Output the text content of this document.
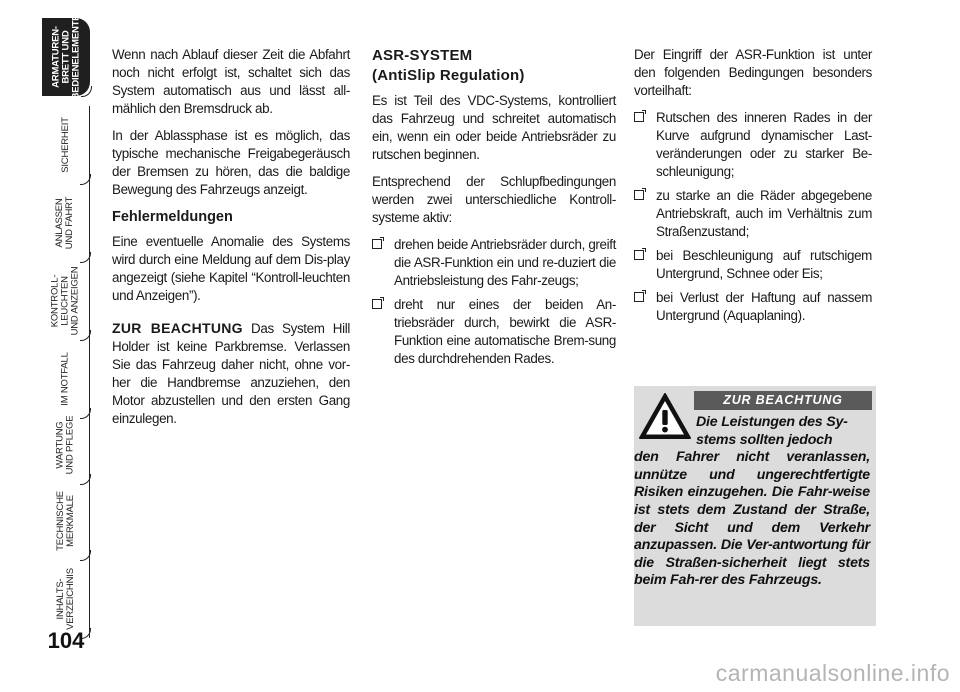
ARMATUREN-
BRETT UND
BEDIENELEMENTE
SICHERHEIT
ANLASSEN
UND FAHRT
KONTROLL-
LEUCHTEN
UND ANZEIGEN
IM NOTFALL
WARTUNG
UND PFLEGE
TECHNISCHE
MERKMALE
INHALTS-
VERZEICHNIS
104

Wenn nach Ablauf dieser Zeit die Abfahrt noch nicht erfolgt ist, schaltet sich das System automatisch aus und lässt all-mählich den Bremsdruck ab.

In der Ablassphase ist es möglich, das typische mechanische Freigabegeräusch der Bremsen zu hören, das die baldige Bewegung des Fahrzeugs anzeigt.

Fehlermeldungen

Eine eventuelle Anomalie des Systems wird durch eine Meldung auf dem Dis-play angezeigt (siehe Kapitel “Kontroll-leuchten und Anzeigen”).

ZUR BEACHTUNG Das System Hill Holder ist keine Parkbremse. Verlassen Sie das Fahrzeug daher nicht, ohne vor-her die Handbremse anzuziehen, den Motor abzustellen und den ersten Gang einzulegen.

ASR-SYSTEM
(AntiSlip Regulation)

Es ist Teil des VDC-Systems, kontrolliert das Fahrzeug und schreitet automatisch ein, wenn ein oder beide Antriebsräder zu rutschen beginnen.

Entsprechend der Schlupfbedingungen werden zwei unterschiedliche Kontroll-systeme aktiv:

drehen beide Antriebsräder durch, greift die ASR-Funktion ein und re-duziert die Antriebsleistung des Fahr-zeugs;
dreht nur eines der beiden An-triebsräder durch, bewirkt die ASR-Funktion eine automatische Brem-sung des durchdrehenden Rades.

Der Eingriff der ASR-Funktion ist unter den folgenden Bedingungen besonders vorteilhaft:

Rutschen des inneren Rades in der Kurve aufgrund dynamischer Last-veränderungen oder zu starker Be-schleunigung;
zu starke an die Räder abgegebene Antriebskraft, auch im Verhältnis zum Straßenzustand;
bei Beschleunigung auf rutschigem Untergrund, Schnee oder Eis;
bei Verlust der Haftung auf nassem Untergrund (Aquaplaning).
ZUR BEACHTUNG
Die Leistungen des Sy-
stems sollten jedoch
den Fahrer nicht veranlassen, unnütze und ungerechtfertigte Risiken einzugehen. Die Fahr-weise ist stets dem Zustand der Straße, der Sicht und dem Verkehr anzupassen. Die Ver-antwortung für die Straßen-sicherheit liegt stets beim Fah-rer des Fahrzeugs.
carmanualsonline.info
